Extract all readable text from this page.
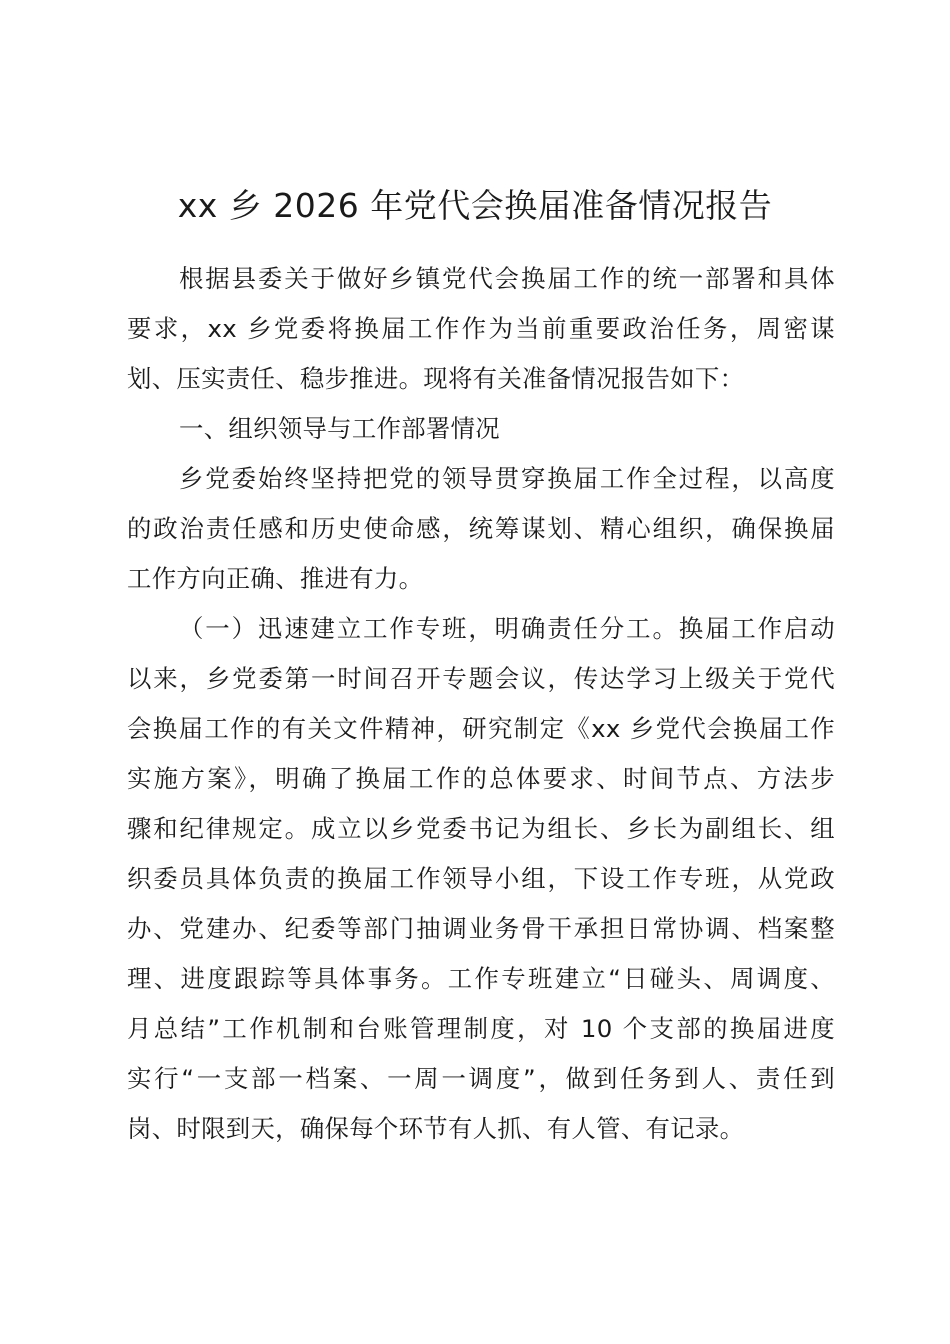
xx 乡 2026 年党代会换届准备情况报告
根据县委关于做好乡镇党代会换届工作的统一部署和具体
要求，xx 乡党委将换届工作作为当前重要政治任务，周密谋
划、压实责任、稳步推进。现将有关准备情况报告如下：
一、组织领导与工作部署情况
乡党委始终坚持把党的领导贯穿换届工作全过程，以高度
的政治责任感和历史使命感，统筹谋划、精心组织，确保换届
工作方向正确、推进有力。
（一）迅速建立工作专班，明确责任分工。换届工作启动
以来，乡党委第一时间召开专题会议，传达学习上级关于党代
会换届工作的有关文件精神，研究制定《xx 乡党代会换届工作
实施方案》，明确了换届工作的总体要求、时间节点、方法步
骤和纪律规定。成立以乡党委书记为组长、乡长为副组长、组
织委员具体负责的换届工作领导小组，下设工作专班，从党政
办、党建办、纪委等部门抽调业务骨干承担日常协调、档案整
理、进度跟踪等具体事务。工作专班建立“日碰头、周调度、
月总结”工作机制和台账管理制度，对 10 个支部的换届进度
实行“一支部一档案、一周一调度”，做到任务到人、责任到
岗、时限到天，确保每个环节有人抓、有人管、有记录。
